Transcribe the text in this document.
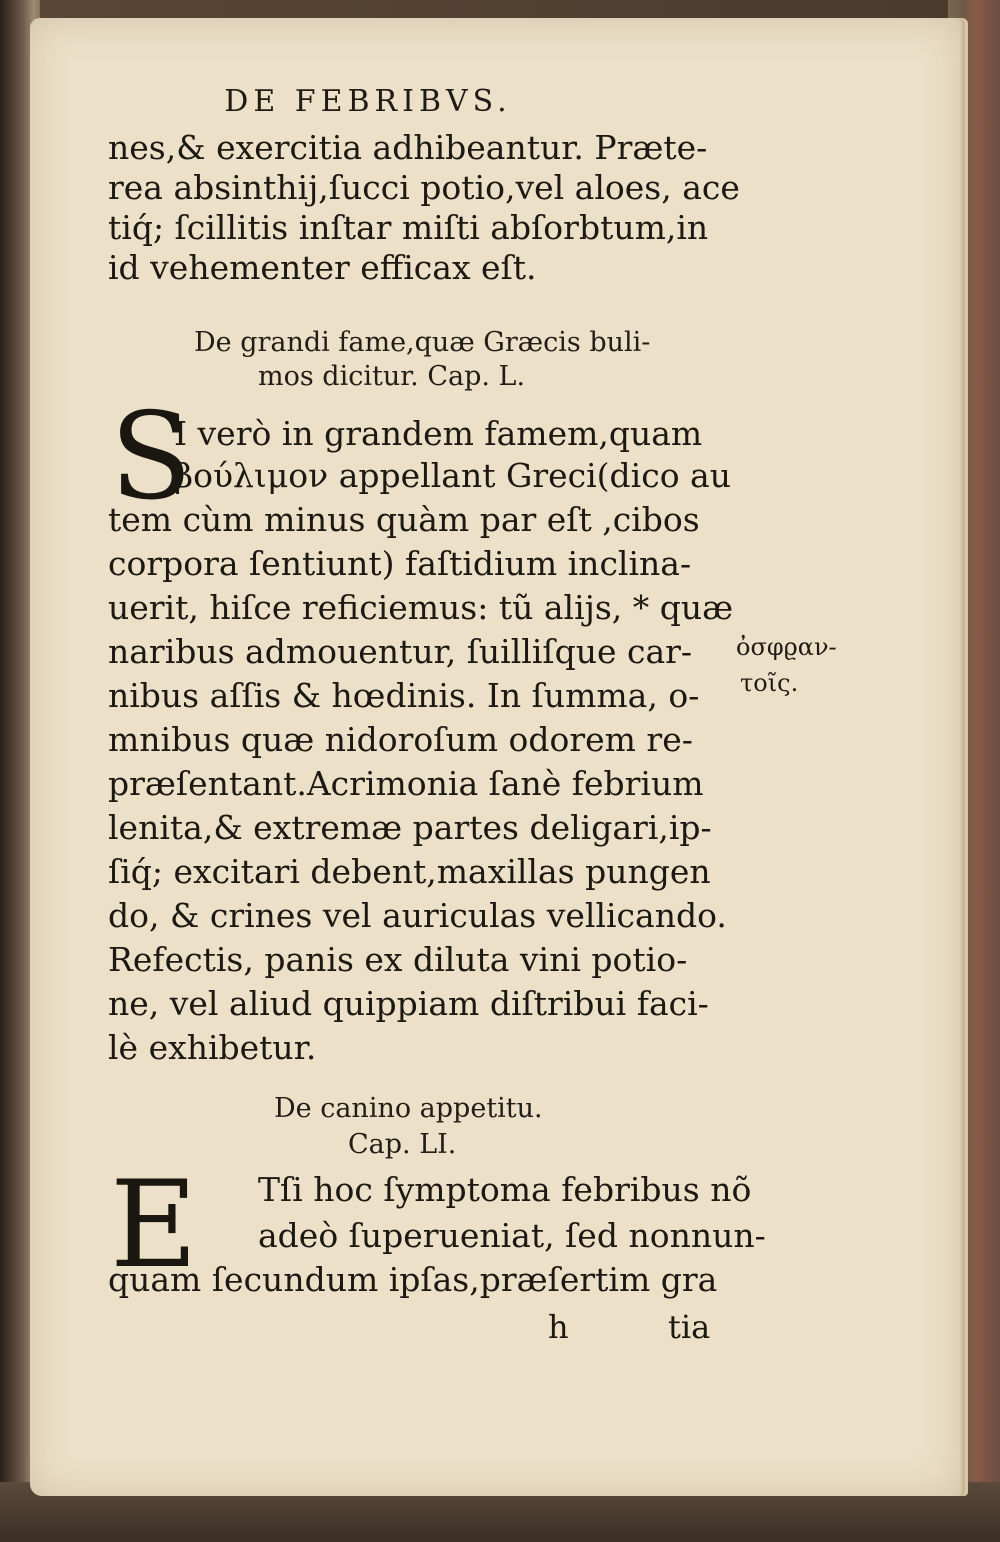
DE FEBRIBVS.
nes,& exercitia adhibeantur. Præte-
rea absinthij,ſucci potio,vel aloes, ace
tiq́; ſcillitis inſtar miſti abſorbtum,in
id vehementer efficax eſt.
De grandi fame,quæ Græcis buli-
mos dicitur. Cap. L.
S
I verò in grandem famem,quam
βούλιμον appellant Greci(dico au
tem cùm minus quàm par eſt ,cibos
corpora ſentiunt) faſtidium inclina-
uerit, hiſce reficiemus: tũ alijs, * quæ
naribus admouentur, ſuilliſque car-
nibus aſſis & hœdinis. In ſumma, o-
mnibus quæ nidoroſum odorem re-
præſentant.Acrimonia ſanè febrium
lenita,& extremæ partes deligari,ip-
ſiq́; excitari debent,maxillas pungen
do, & crines vel auriculas vellicando.
Refectis, panis ex diluta vini potio-
ne, vel aliud quippiam diſtribui faci-
lè exhibetur.
De canino appetitu.
Cap. LI.
E Tſi hoc ſymptoma febribus nõ
adeò ſuperueniat, ſed nonnun-
quam ſecundum ipſas,præſertim gra
h	tia
ὀσφϱαν-
τοῖς.
